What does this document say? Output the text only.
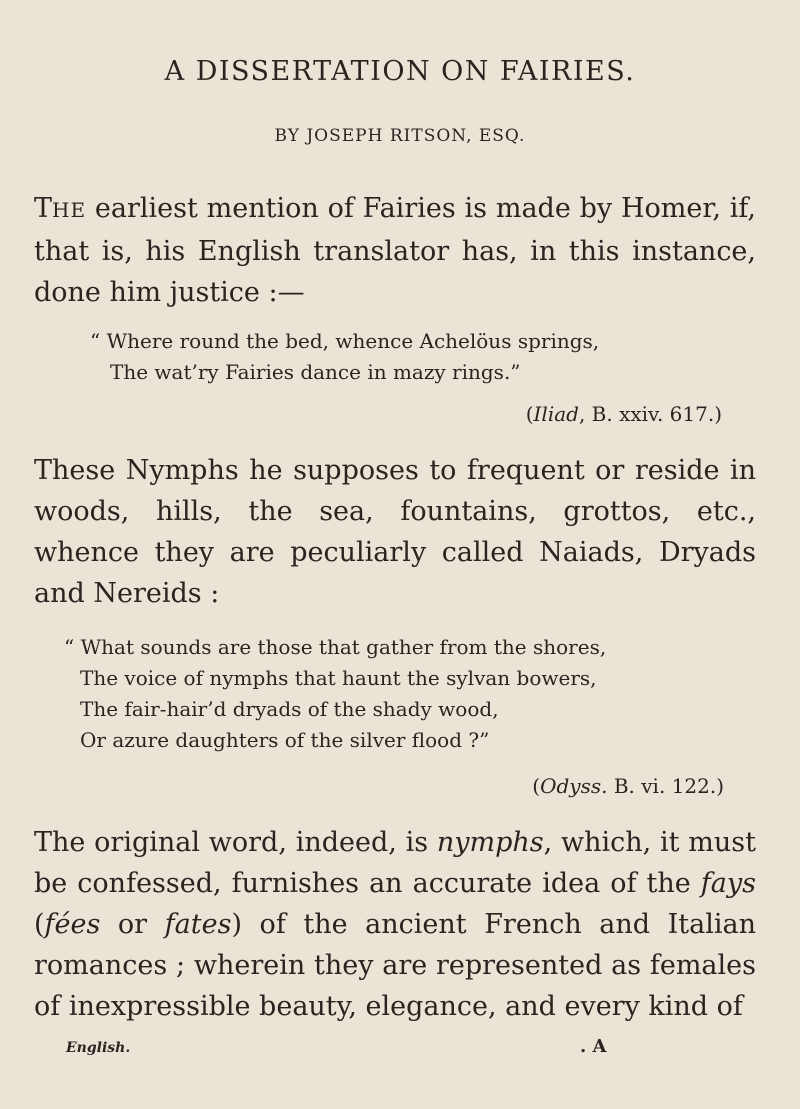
A DISSERTATION ON FAIRIES.
BY JOSEPH RITSON, ESQ.
THE earliest mention of Fairies is made by Homer, if, that is, his English translator has, in this instance, done him justice :—
“ Where round the bed, whence Achelöus springs,
The wat’ry Fairies dance in mazy rings.”
(Iliad, B. xxiv. 617.)
These Nymphs he supposes to frequent or reside in woods, hills, the sea, fountains, grottos, etc., whence they are peculiarly called Naiads, Dryads and Nereids :
“ What sounds are those that gather from the shores,
The voice of nymphs that haunt the sylvan bowers,
The fair-hair’d dryads of the shady wood,
Or azure daughters of the silver flood ?”
(Odyss. B. vi. 122.)
The original word, indeed, is nymphs, which, it must be confessed, furnishes an accurate idea of the fays (fées or fates) of the ancient French and Italian romances ; wherein they are represented as females of inexpressible beauty, elegance, and every kind of
English.	. A
